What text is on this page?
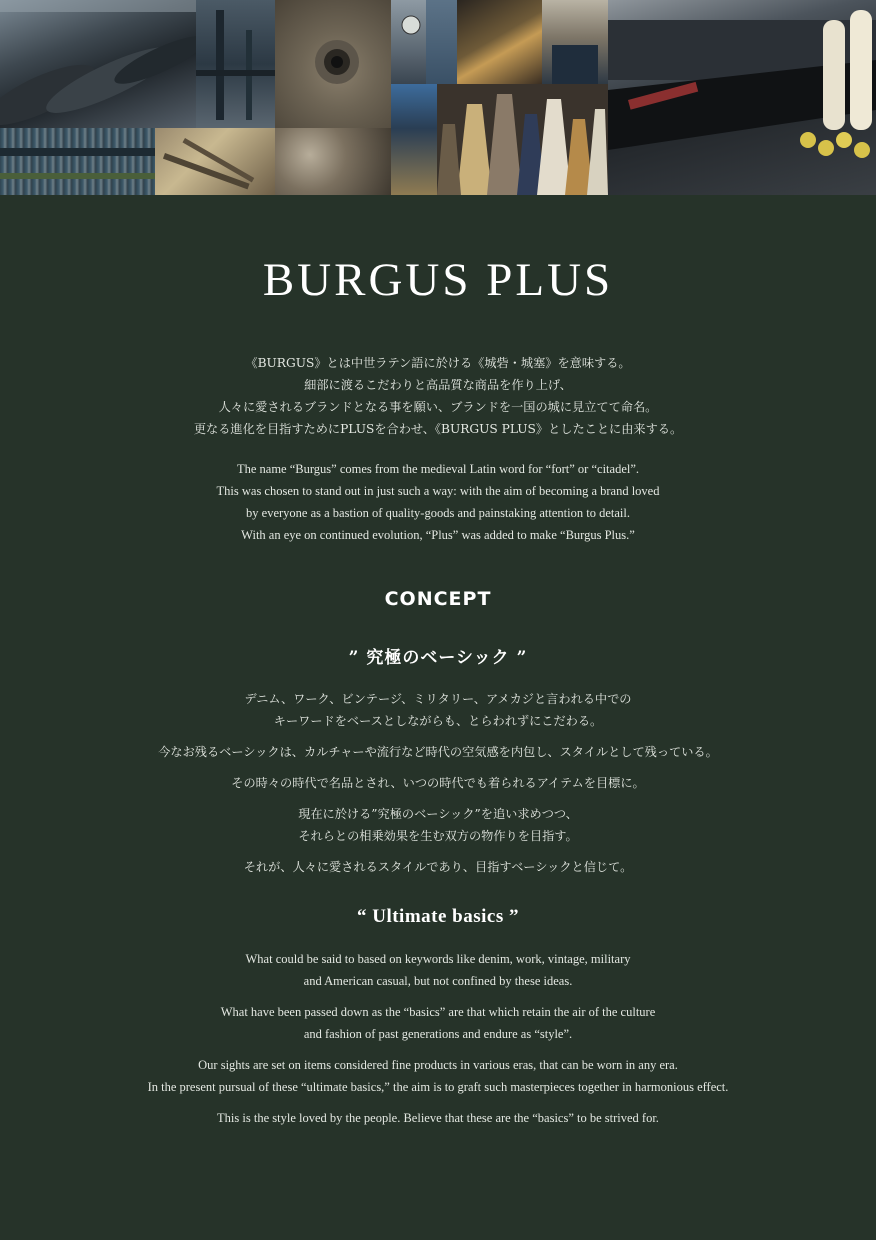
BURGUS PLUS
《BURGUS》とは中世ラテン語に於ける《城砦・城塞》を意味する。
細部に渡るこだわりと高品質な商品を作り上げ、
人々に愛されるブランドとなる事を願い、ブランドを一国の城に見立てて命名。
更なる進化を目指すためにPLUSを合わせ、《BURGUS PLUS》としたことに由来する。
The name “Burgus” comes from the medieval Latin word for “fort” or “citadel”.
This was chosen to stand out in just such a way: with the aim of becoming a brand loved
by everyone as a bastion of quality-goods and painstaking attention to detail.
With an eye on continued evolution, “Plus” was added to make “Burgus Plus.”
CONCEPT
” 究極のベーシック ”
デニム、ワーク、ビンテージ、ミリタリー、アメカジと言われる中での
キーワードをベースとしながらも、とらわれずにこだわる。
今なお残るベーシックは、カルチャーや流行など時代の空気感を内包し、スタイルとして残っている。
その時々の時代で名品とされ、いつの時代でも着られるアイテムを目標に。
現在に於ける”究極のベーシック”を追い求めつつ、
それらとの相乗効果を生む双方の物作りを目指す。
それが、人々に愛されるスタイルであり、目指すベーシックと信じて。
“ Ultimate basics ”
What could be said to based on keywords like denim, work, vintage, military
and American casual, but not confined by these ideas.
What have been passed down as the “basics” are that which retain the air of the culture
and fashion of past generations and endure as “style”.
Our sights are set on items considered fine products in various eras, that can be worn in any era.
In the present pursual of these “ultimate basics,” the aim is to graft such masterpieces together in harmonious effect.
This is the style loved by the people. Believe that these are the “basics” to be strived for.
